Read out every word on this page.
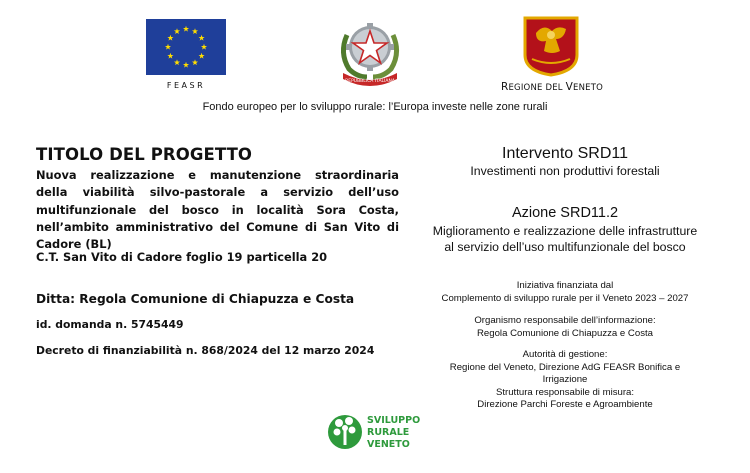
FEASR	REPUBBLICA ITALIANA	REGIONE DEL VENETO
Fondo europeo per lo sviluppo rurale: l’Europa investe nelle zone rurali
TITOLO DEL PROGETTO
Nuova realizzazione e manutenzione straordinaria
della viabilità silvo-pastorale a servizio dell’uso
multifunzionale del bosco in località Sora Costa,
nell’ambito amministrativo del Comune di San Vito di
Cadore (BL)
C.T. San Vito di Cadore foglio 19 particella 20
Ditta: Regola Comunione di Chiapuzza e Costa
id. domanda n. 5745449
Decreto di finanziabilità n. 868/2024 del 12 marzo 2024
Intervento SRD11
Investimenti non produttivi forestali
Azione SRD11.2
Miglioramento e realizzazione delle infrastrutture
al servizio dell’uso multifunzionale del bosco
Iniziativa finanziata dal
Complemento di sviluppo rurale per il Veneto 2023 – 2027
Organismo responsabile dell’informazione:
Regola Comunione di Chiapuzza e Costa
Autorità di gestione:
Regione del Veneto, Direzione AdG FEASR Bonifica e
Irrigazione
Struttura responsabile di misura:
Direzione Parchi Foreste e Agroambiente
SVILUPPO
RURALE
VENETO
